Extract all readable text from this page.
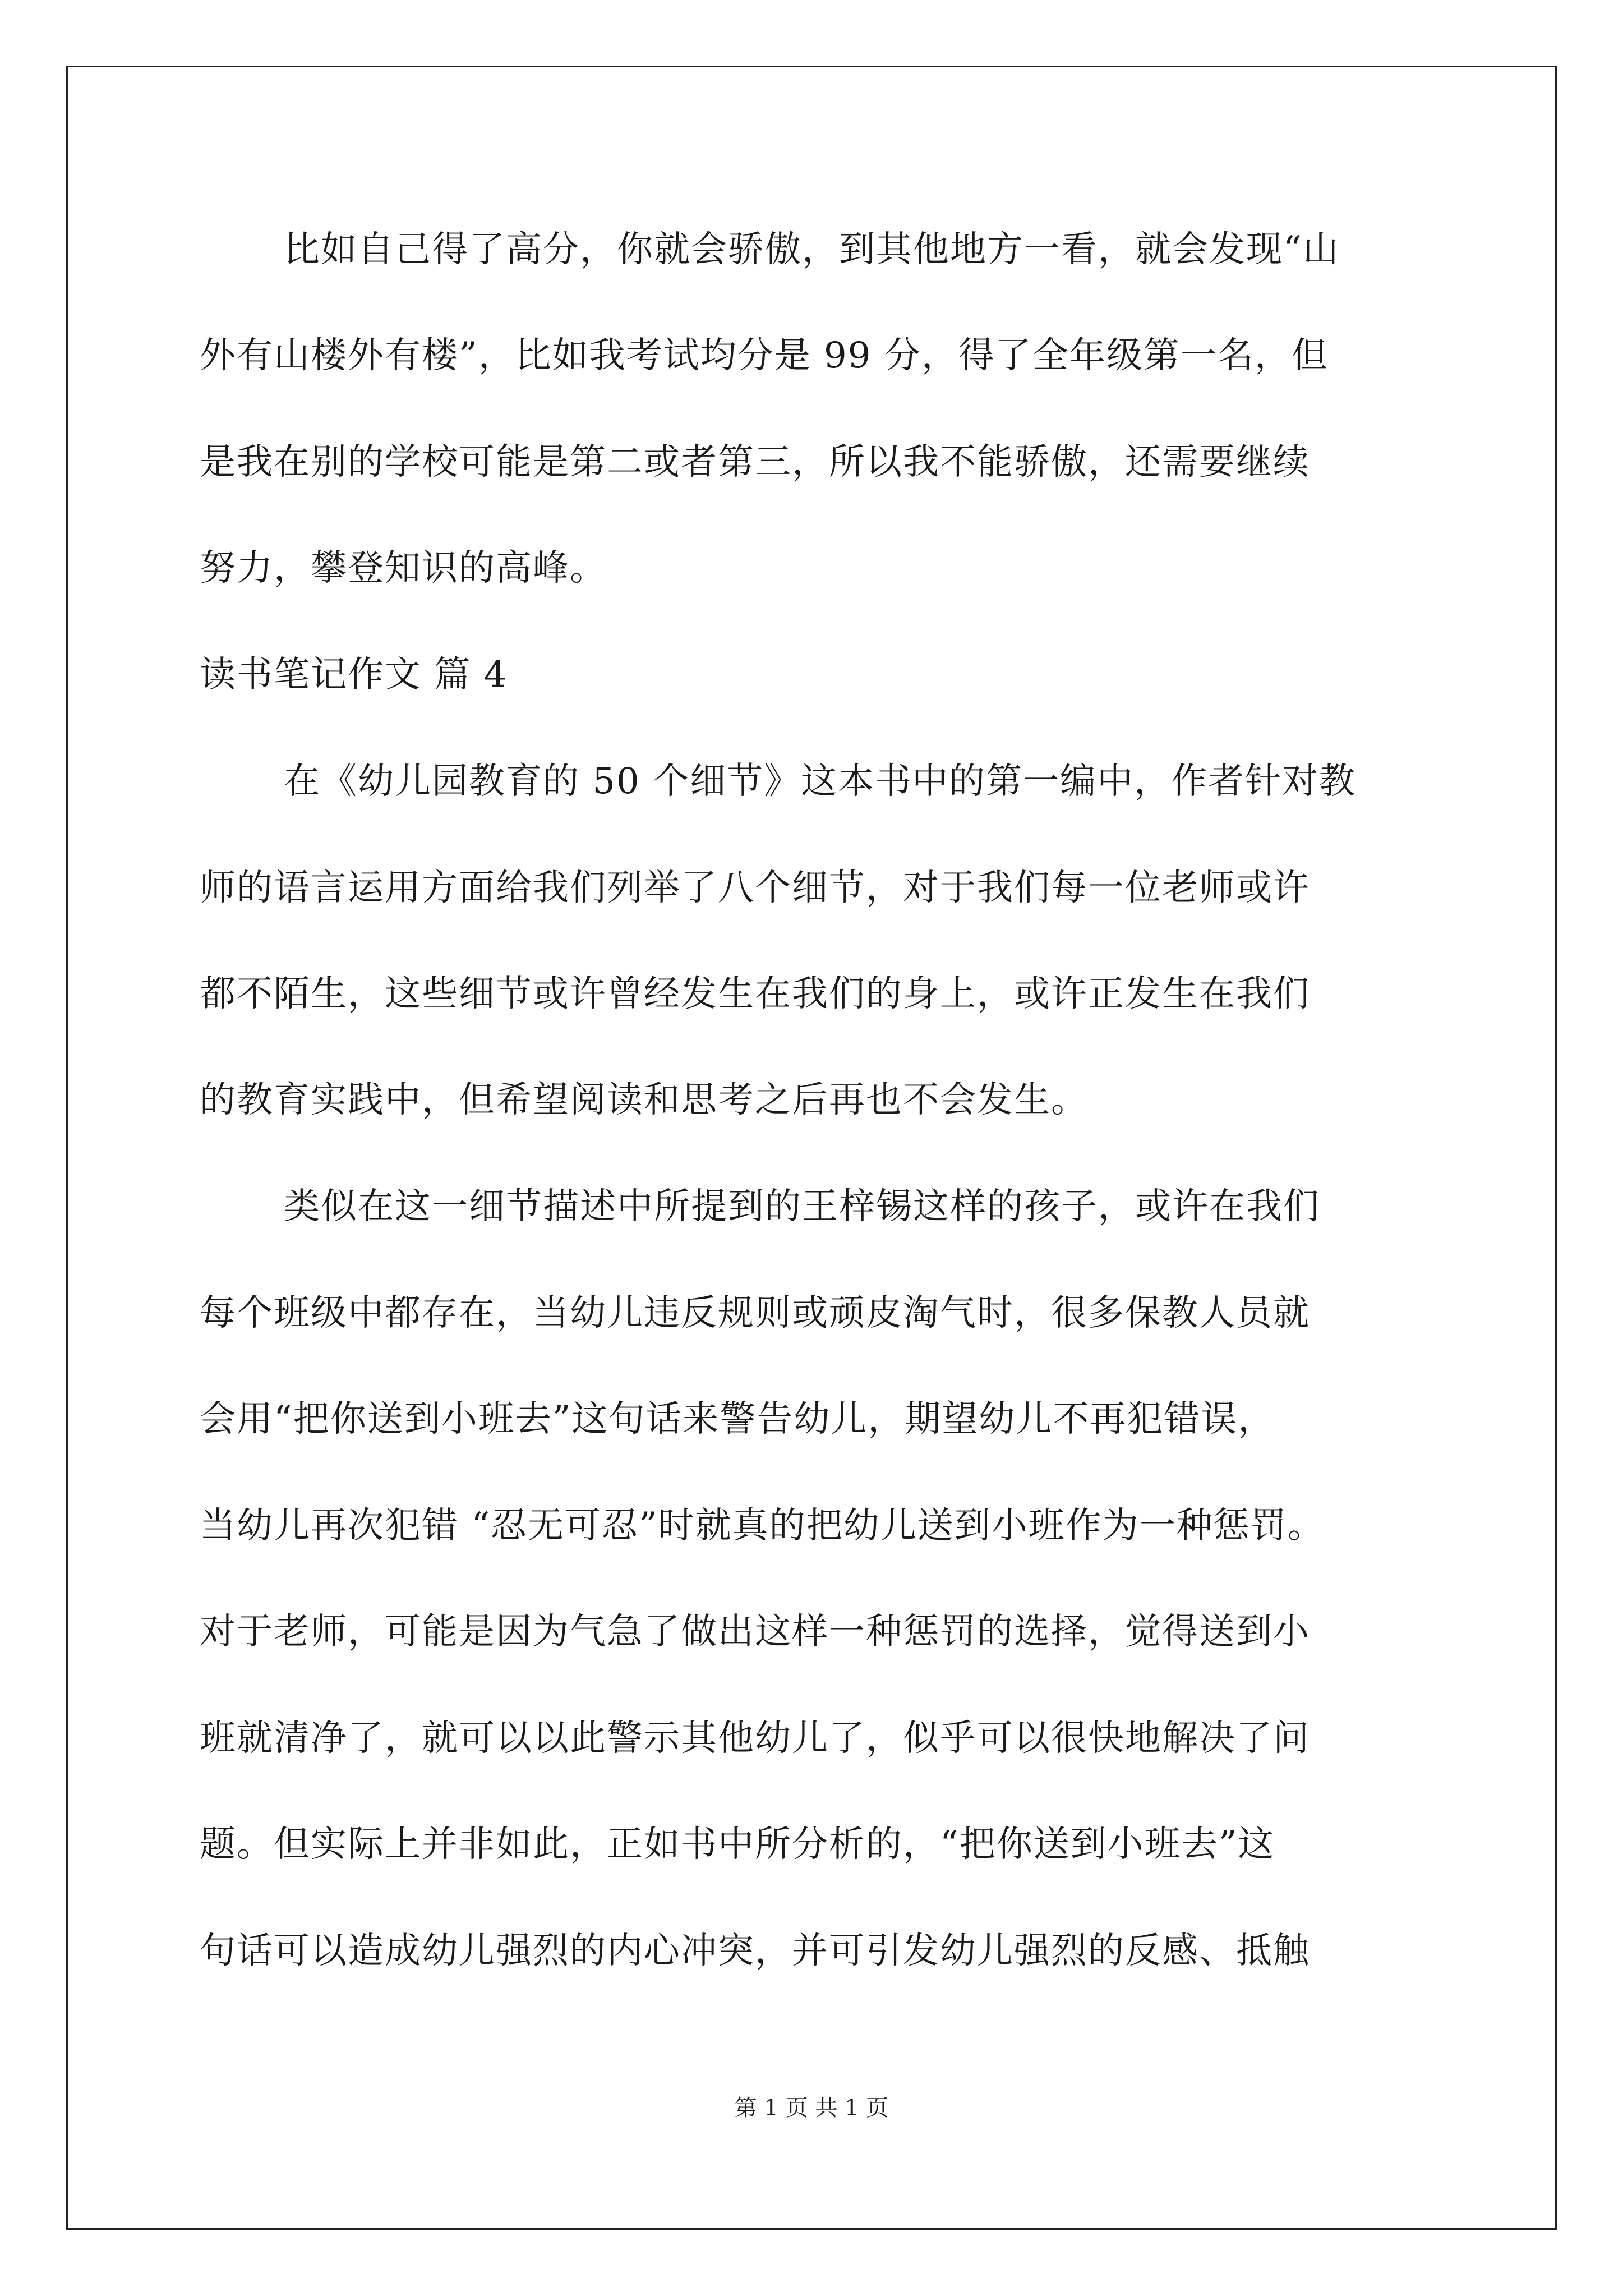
比如自己得了高分，你就会骄傲，到其他地方一看，就会发现“山
外有山楼外有楼”，比如我考试均分是 99 分，得了全年级第一名，但
是我在别的学校可能是第二或者第三，所以我不能骄傲，还需要继续
努力，攀登知识的高峰。
读书笔记作文 篇 4
在《幼儿园教育的 50 个细节》这本书中的第一编中，作者针对教
师的语言运用方面给我们列举了八个细节，对于我们每一位老师或许
都不陌生，这些细节或许曾经发生在我们的身上，或许正发生在我们
的教育实践中，但希望阅读和思考之后再也不会发生。
类似在这一细节描述中所提到的王梓锡这样的孩子，或许在我们
每个班级中都存在，当幼儿违反规则或顽皮淘气时，很多保教人员就
会用“把你送到小班去”这句话来警告幼儿，期望幼儿不再犯错误，
当幼儿再次犯错 “忍无可忍”时就真的把幼儿送到小班作为一种惩罚。
对于老师，可能是因为气急了做出这样一种惩罚的选择，觉得送到小
班就清净了，就可以以此警示其他幼儿了，似乎可以很快地解决了问
题。但实际上并非如此，正如书中所分析的，“把你送到小班去”这
句话可以造成幼儿强烈的内心冲突，并可引发幼儿强烈的反感、抵触
第 1 页 共 1 页
